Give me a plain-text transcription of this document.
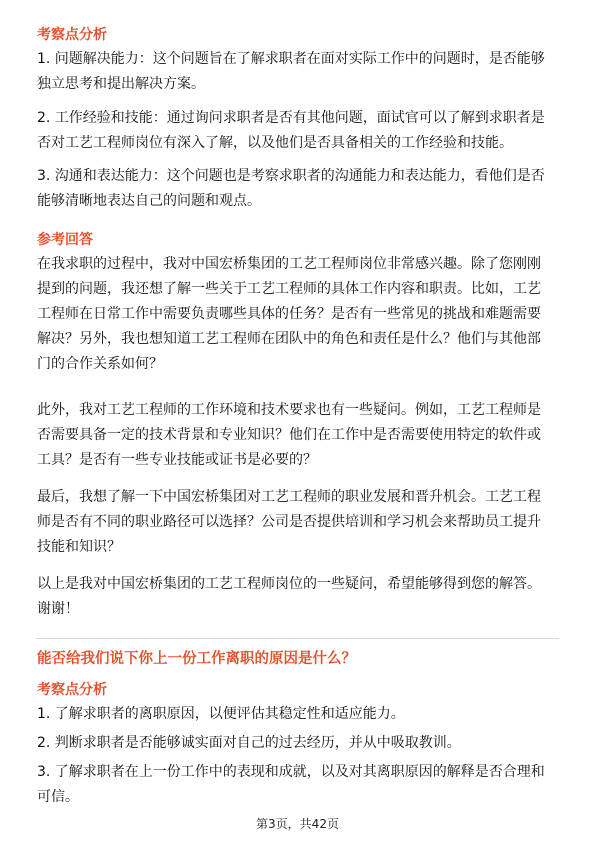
考察点分析
1. 问题解决能力：这个问题旨在了解求职者在面对实际工作中的问题时，是否能够
独立思考和提出解决方案。
2. 工作经验和技能：通过询问求职者是否有其他问题，面试官可以了解到求职者是
否对工艺工程师岗位有深入了解，以及他们是否具备相关的工作经验和技能。
3. 沟通和表达能力：这个问题也是考察求职者的沟通能力和表达能力，看他们是否
能够清晰地表达自己的问题和观点。
参考回答
在我求职的过程中，我对中国宏桥集团的工艺工程师岗位非常感兴趣。除了您刚刚
提到的问题，我还想了解一些关于工艺工程师的具体工作内容和职责。比如，工艺
工程师在日常工作中需要负责哪些具体的任务？是否有一些常见的挑战和难题需要
解决？另外，我也想知道工艺工程师在团队中的角色和责任是什么？他们与其他部
门的合作关系如何？
此外，我对工艺工程师的工作环境和技术要求也有一些疑问。例如，工艺工程师是
否需要具备一定的技术背景和专业知识？他们在工作中是否需要使用特定的软件或
工具？是否有一些专业技能或证书是必要的？
最后，我想了解一下中国宏桥集团对工艺工程师的职业发展和晋升机会。工艺工程
师是否有不同的职业路径可以选择？公司是否提供培训和学习机会来帮助员工提升
技能和知识？
以上是我对中国宏桥集团的工艺工程师岗位的一些疑问，希望能够得到您的解答。
谢谢！
能否给我们说下你上一份工作离职的原因是什么？
考察点分析
1. 了解求职者的离职原因，以便评估其稳定性和适应能力。
2. 判断求职者是否能够诚实面对自己的过去经历，并从中吸取教训。
3. 了解求职者在上一份工作中的表现和成就，以及对其离职原因的解释是否合理和
可信。
第3页，共42页
